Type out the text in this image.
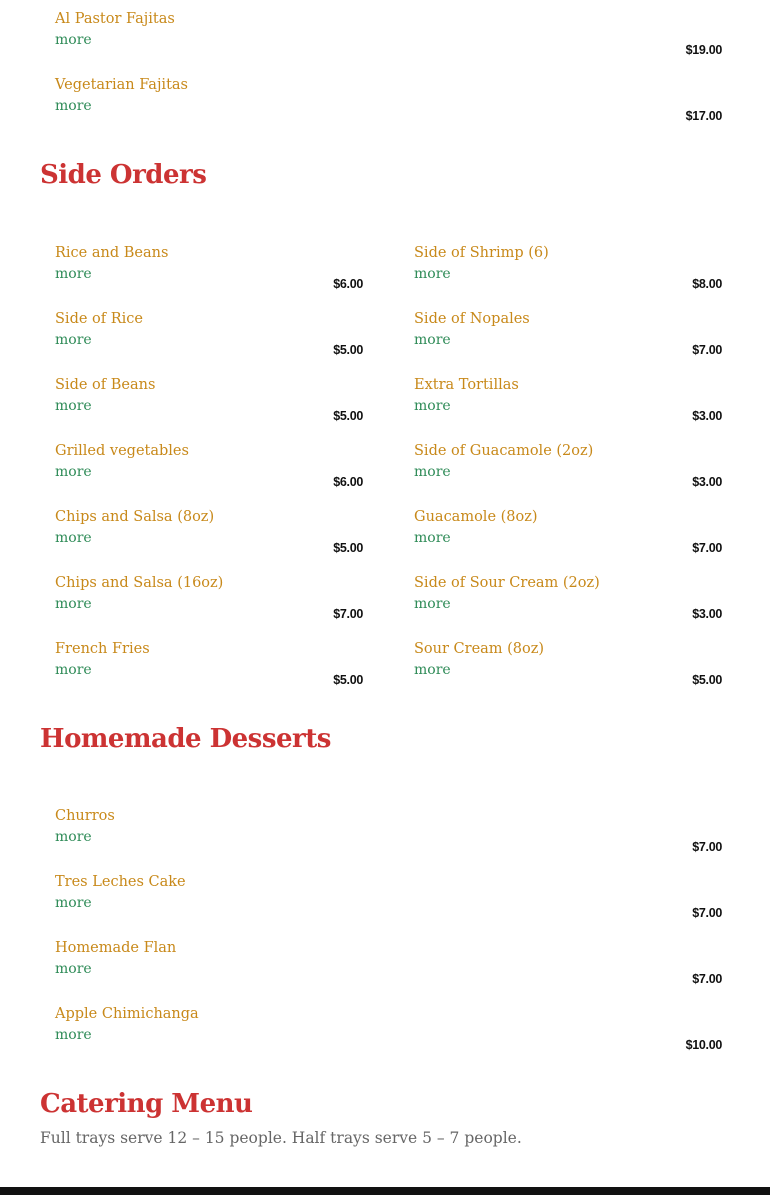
Al Pastor Fajitas
more
$19.00
Vegetarian Fajitas
more
$17.00
Side Orders
Rice and Beans
more
$6.00
Side of Rice
more
$5.00
Side of Beans
more
$5.00
Grilled vegetables
more
$6.00
Chips and Salsa (8oz)
more
$5.00
Chips and Salsa (16oz)
more
$7.00
French Fries
more
$5.00
Side of Shrimp (6)
more
$8.00
Side of Nopales
more
$7.00
Extra Tortillas
more
$3.00
Side of Guacamole (2oz)
more
$3.00
Guacamole (8oz)
more
$7.00
Side of Sour Cream (2oz)
more
$3.00
Sour Cream (8oz)
more
$5.00
Homemade Desserts
Churros
more
$7.00
Tres Leches Cake
more
$7.00
Homemade Flan
more
$7.00
Apple Chimichanga
more
$10.00
Catering Menu

Full trays serve 12 – 15 people. Half trays serve 5 – 7 people.
